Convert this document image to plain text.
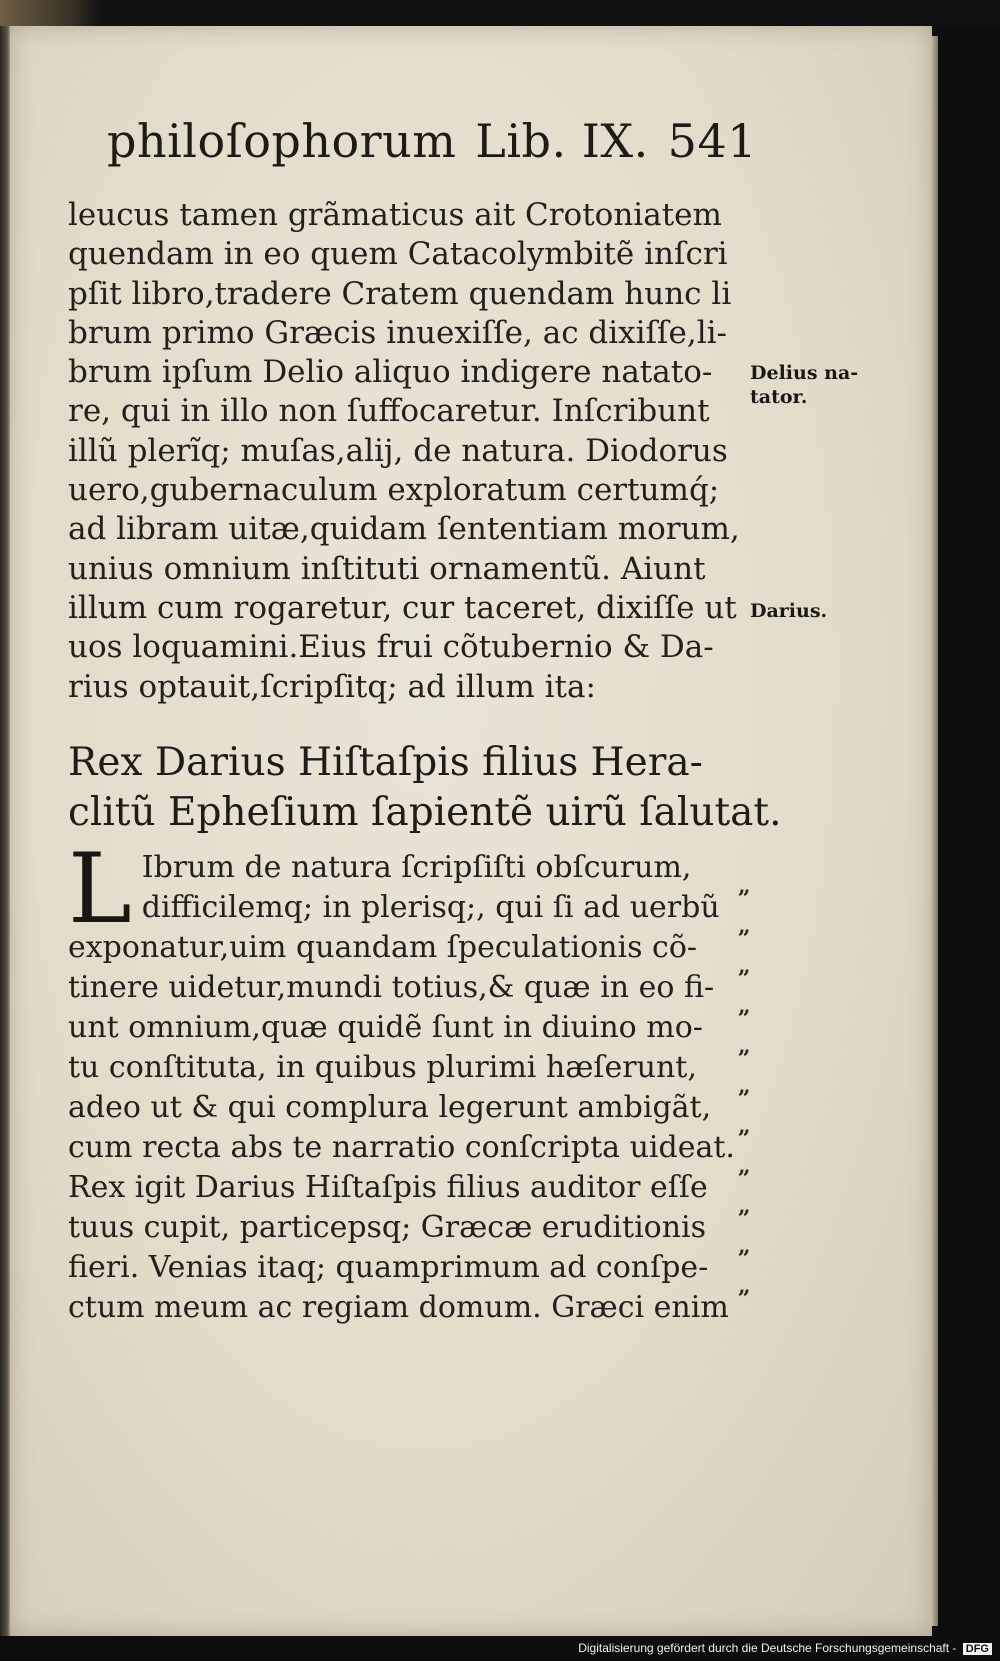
philoſophorum Lib. IX. 541
leucus tamen grãmaticus ait Crotoniatem
quendam in eo quem Catacolymbitẽ inſcri
pſit libro,tradere Cratem quendam hunc li
brum primo Græcis inuexiſſe, ac dixiſſe,li-
brum ipſum Delio aliquo indigere natato-
re, qui in illo non ſuffocaretur. Inſcribunt
illũ plerĩq; muſas,alij, de natura. Diodorus
uero,gubernaculum exploratum certumq́;
ad libram uitæ,quidam ſententiam morum,
unius omnium inſtituti ornamentũ. Aiunt
illum cum rogaretur, cur taceret, dixiſſe ut
uos loquamini.Eius frui cõtubernio & Da-
rius optauit,ſcripſitq; ad illum ita:
Rex Darius Hiſtaſpis filius Hera-
clitũ Epheſium ſapientẽ uirũ ſalutat.
L Ibrum de natura ſcripſiſti obſcurum,
difficilemq; in plerisq;, qui ſi ad uerbũ
exponatur,uim quandam ſpeculationis cõ-
tinere uidetur,mundi totius,& quæ in eo fi-
unt omnium,quæ quidẽ ſunt in diuino mo-
tu conſtituta, in quibus plurimi hæſerunt,
adeo ut & qui complura legerunt ambigãt,
cum recta abs te narratio conſcripta uideat.
Rex igit Darius Hiſtaſpis filius auditor eſſe
tuus cupit, particepsq; Græcæ eruditionis
fieri. Venias itaq; quamprimum ad conſpe-
ctum meum ac regiam domum. Græci enim
„
„
„
„
„
„
„
„
„
„
„
Delius na-
tator.
Darius.
Digitalisierung gefördert durch die Deutsche Forschungsgemeinschaft - DFG
